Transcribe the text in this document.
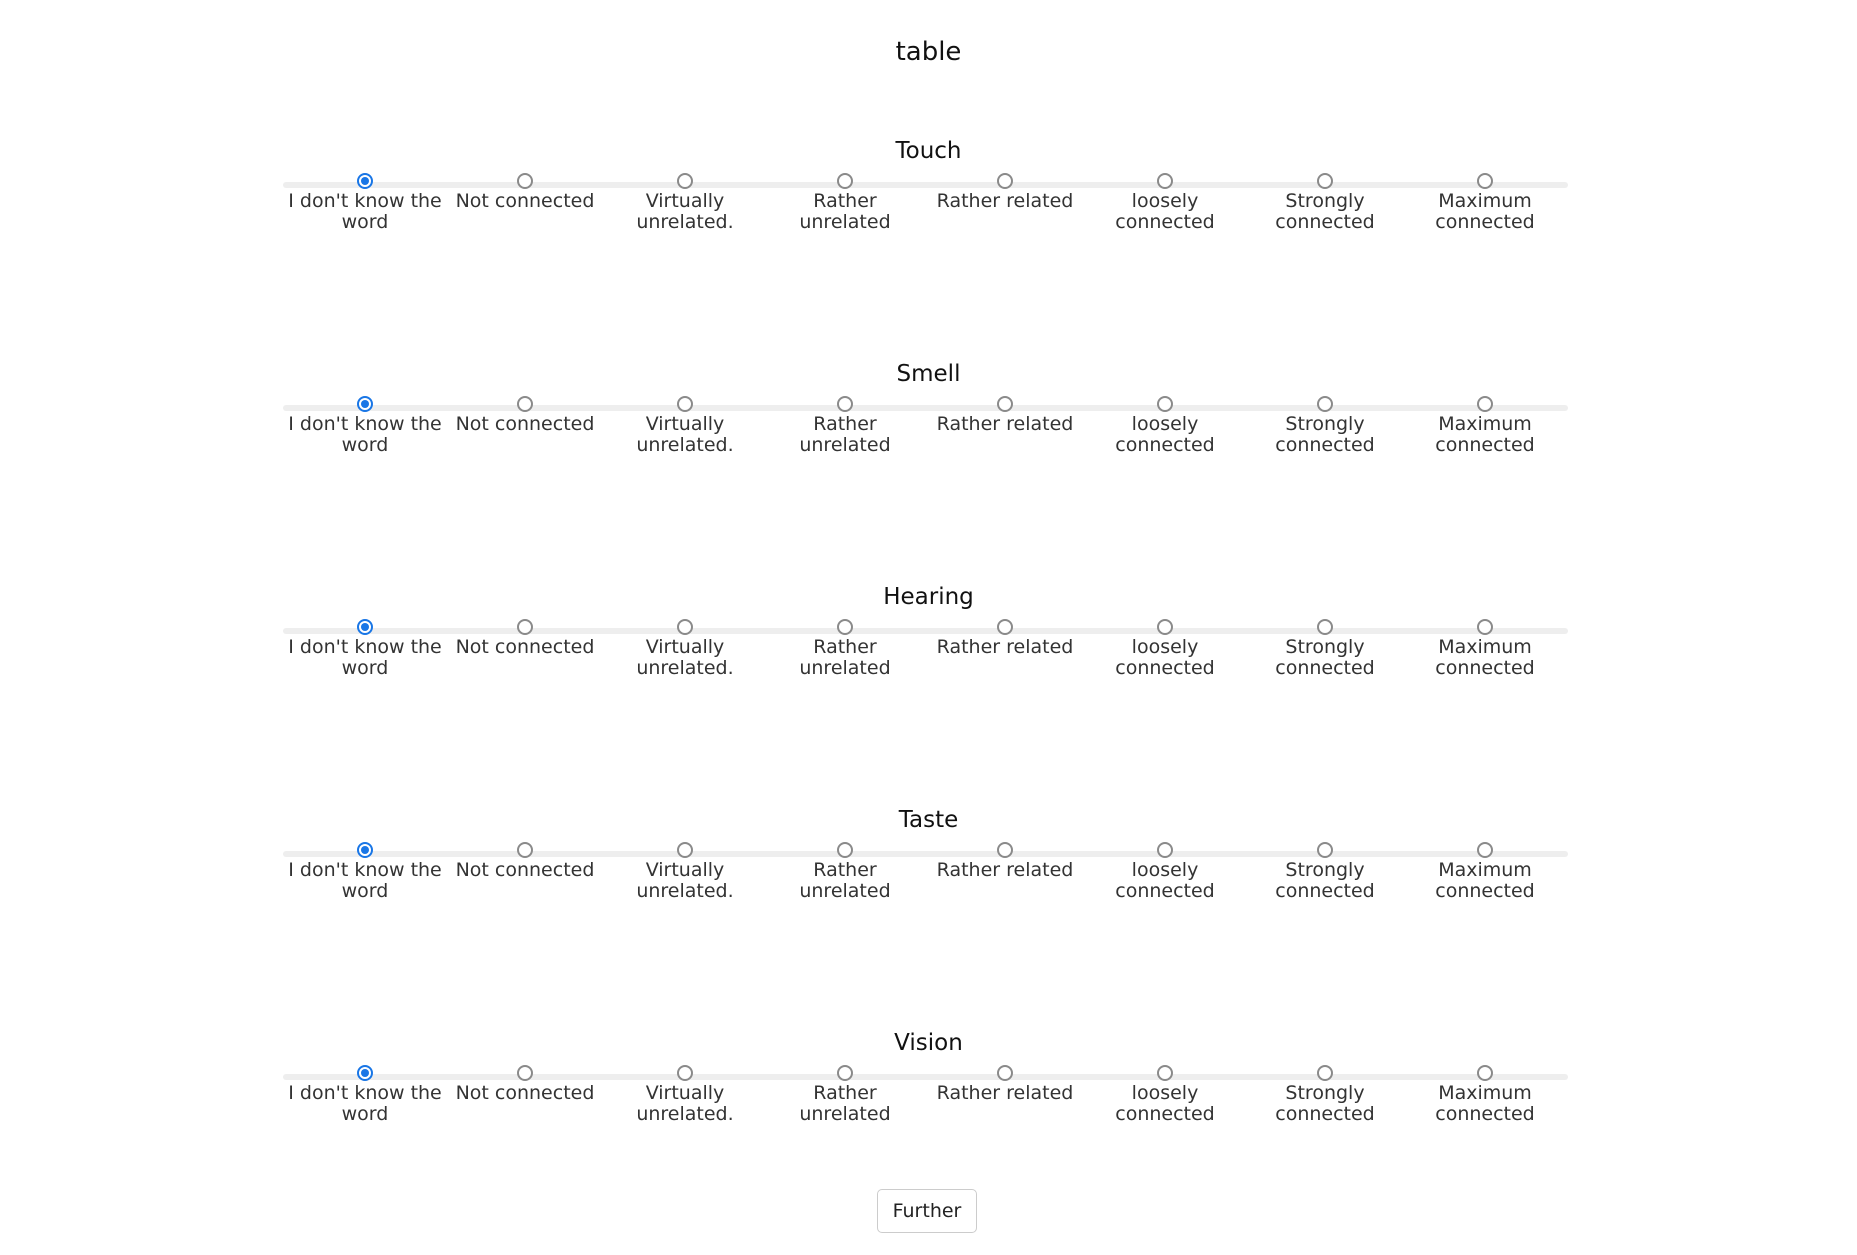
table
Touch
I don't know the word
Not connected	Virtually unrelated.
Rather unrelated
Rather related	loosely connected
Strongly connected
Maximum connected
Smell
I don't know the word
Not connected	Virtually unrelated.
Rather unrelated
Rather related	loosely connected
Strongly connected
Maximum connected
Hearing
I don't know the word
Not connected	Virtually unrelated.
Rather unrelated
Rather related	loosely connected
Strongly connected
Maximum connected
Taste
I don't know the word
Not connected	Virtually unrelated.
Rather unrelated
Rather related	loosely connected
Strongly connected
Maximum connected
Vision
I don't know the word
Not connected	Virtually unrelated.
Rather unrelated
Rather related	loosely connected
Strongly connected
Maximum connected
Further
